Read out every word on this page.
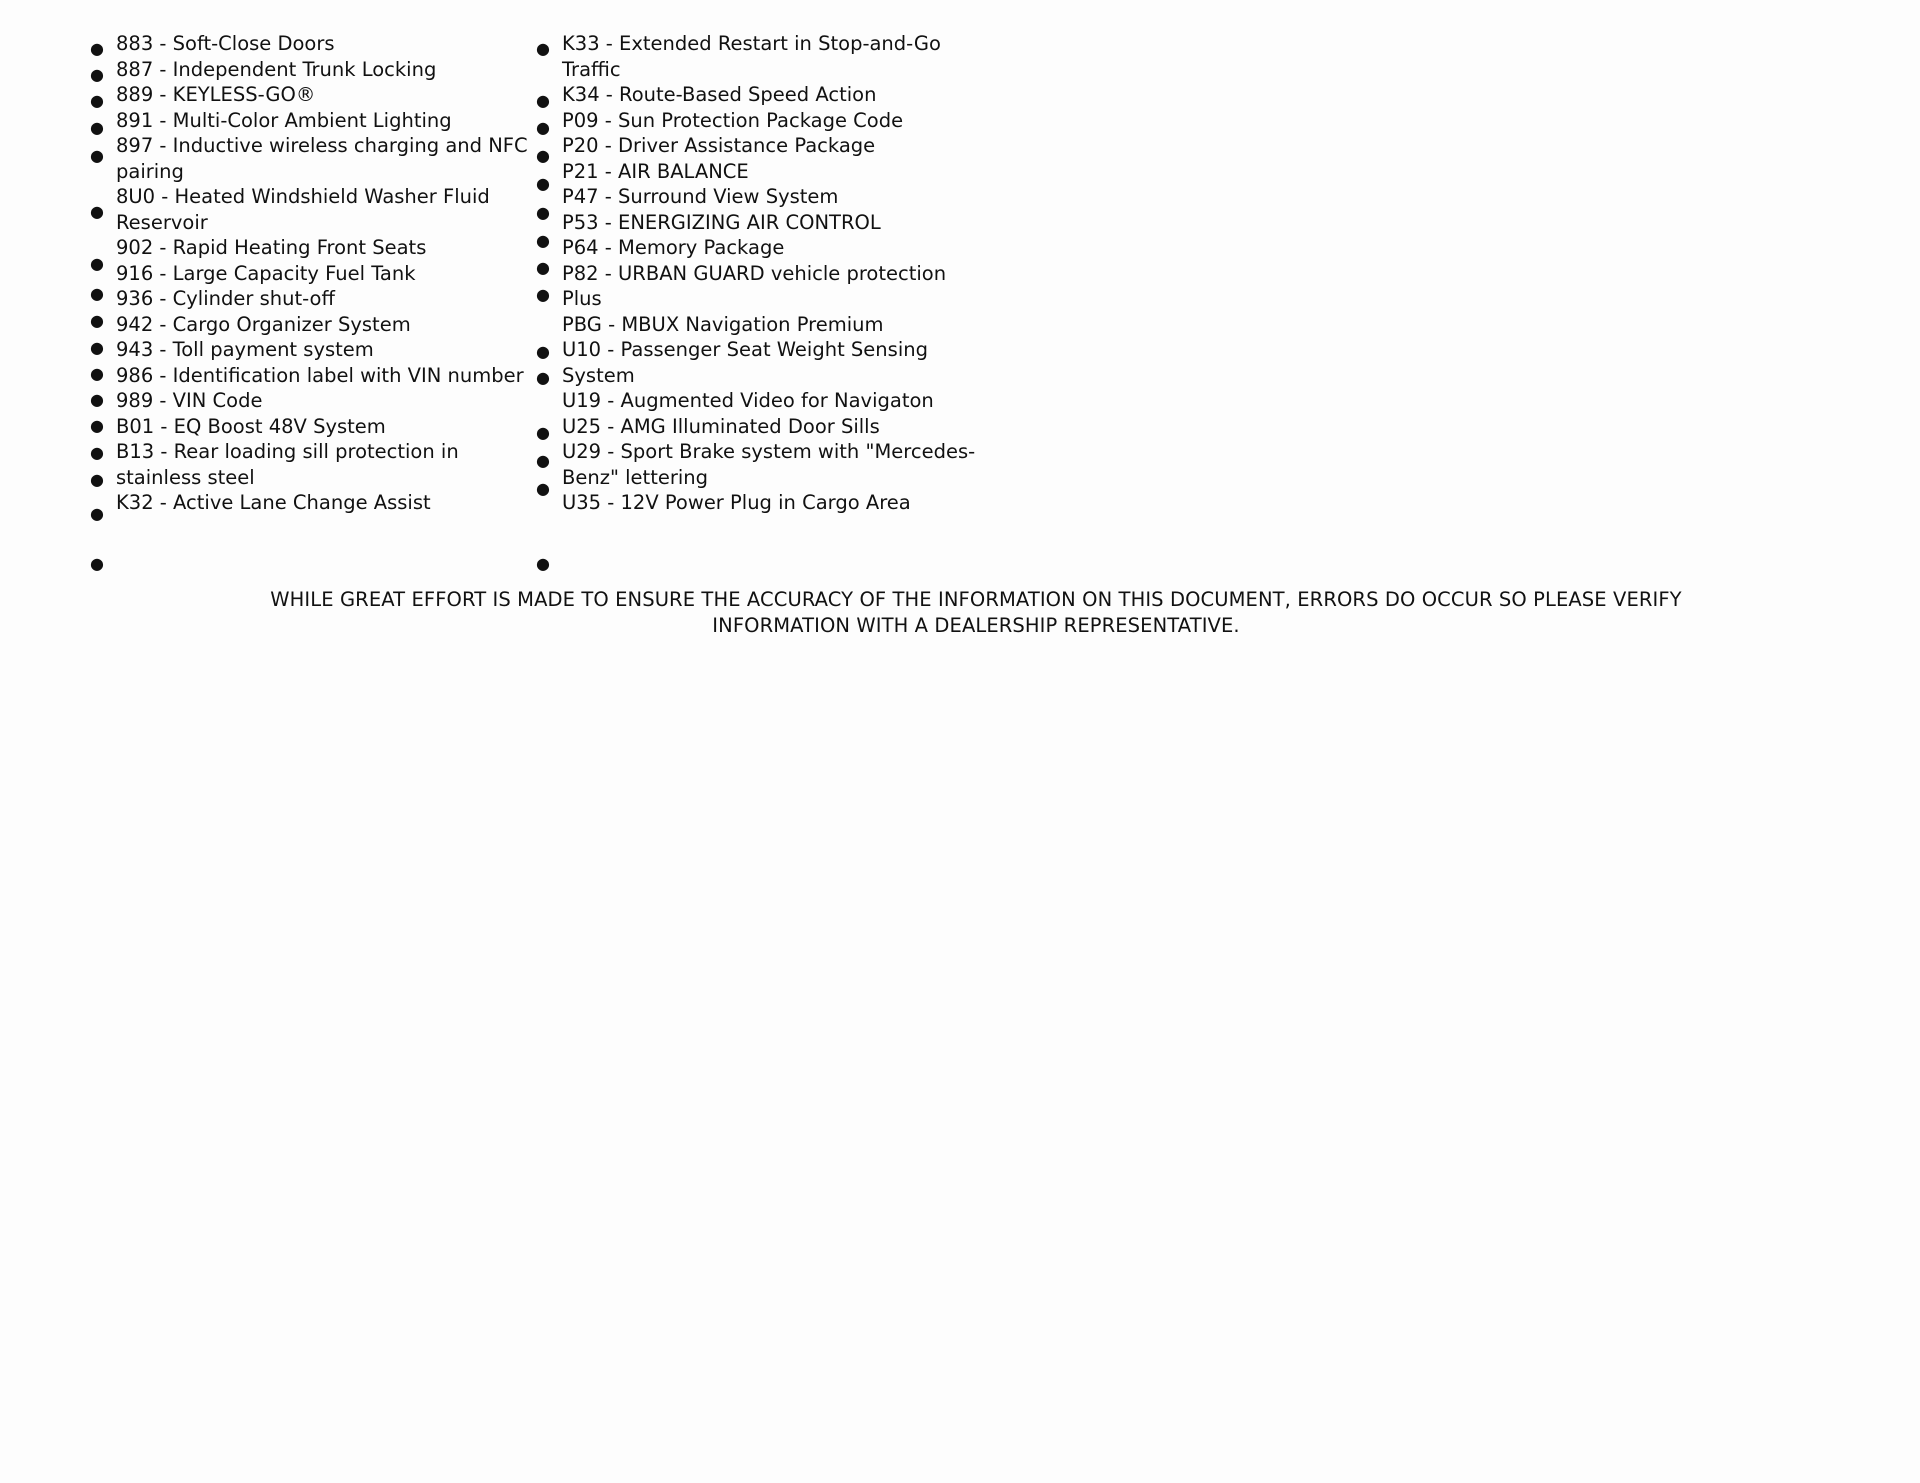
883 - Soft-Close Doors
887 - Independent Trunk Locking
889 - KEYLESS-GO®
891 - Multi-Color Ambient Lighting
897 - Inductive wireless charging and NFC
pairing
8U0 - Heated Windshield Washer Fluid
Reservoir
902 - Rapid Heating Front Seats
916 - Large Capacity Fuel Tank
936 - Cylinder shut-off
942 - Cargo Organizer System
943 - Toll payment system
986 - Identification label with VIN number
989 - VIN Code
B01 - EQ Boost 48V System
B13 - Rear loading sill protection in
stainless steel
K32 - Active Lane Change Assist
K33 - Extended Restart in Stop-and-Go
Traffic
K34 - Route-Based Speed Action
P09 - Sun Protection Package Code
P20 - Driver Assistance Package
P21 - AIR BALANCE
P47 - Surround View System
P53 - ENERGIZING AIR CONTROL
P64 - Memory Package
P82 - URBAN GUARD vehicle protection
Plus
PBG - MBUX Navigation Premium
U10 - Passenger Seat Weight Sensing
System
U19 - Augmented Video for Navigaton
U25 - AMG Illuminated Door Sills
U29 - Sport Brake system with "Mercedes-
Benz" lettering
U35 - 12V Power Plug in Cargo Area
●
●
●
●
●
●
●
●
●
●
●
●
●
●
●
●
●
●
●
●
●
●
●
●
●
●
●
●
●
●
●
●
WHILE GREAT EFFORT IS MADE TO ENSURE THE ACCURACY OF THE INFORMATION ON THIS DOCUMENT, ERRORS DO OCCUR SO PLEASE VERIFY
INFORMATION WITH A DEALERSHIP REPRESENTATIVE.
